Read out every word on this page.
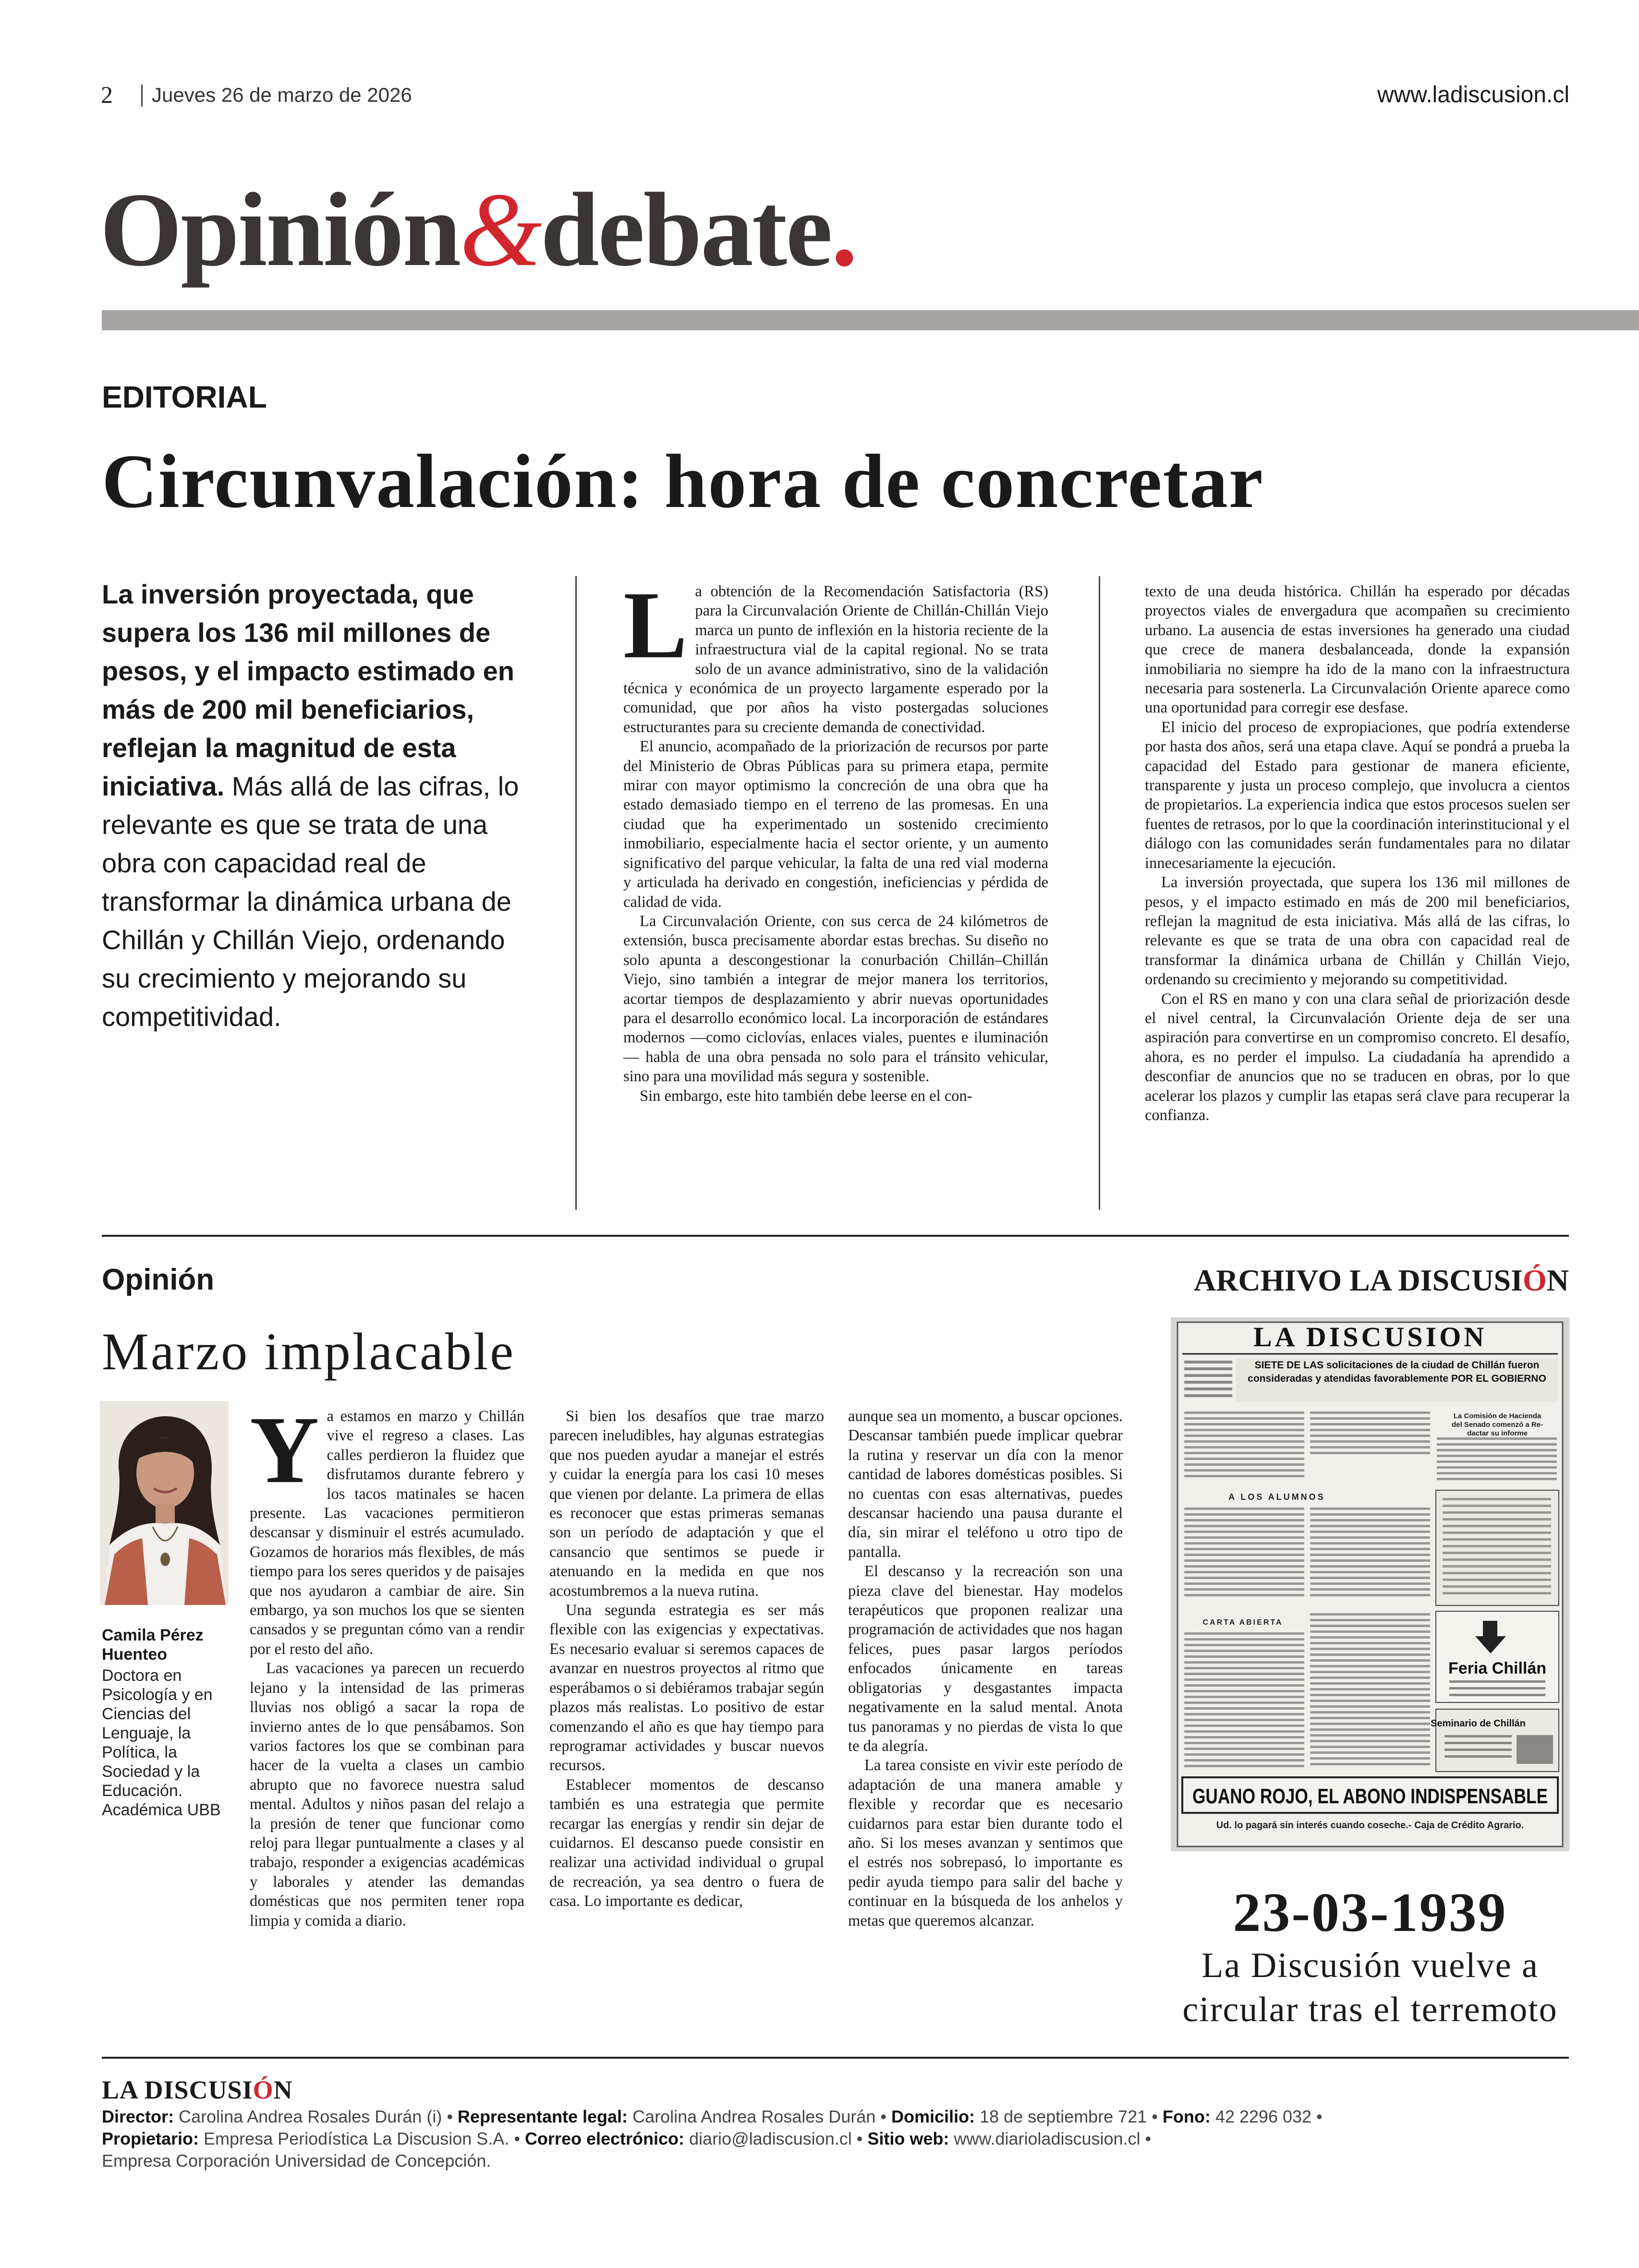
2 Jueves 26 de marzo de 2026	www.ladiscusion.cl
Opinión&debate.
EDITORIAL
Circunvalación: hora de concretar
La inversión proyectada, que supera los 136 mil millones de pesos, y el impacto estimado en más de 200 mil beneficiarios, reflejan la magnitud de esta iniciativa. Más allá de las cifras, lo relevante es que se trata de una obra con capacidad real de transformar la dinámica urbana de Chillán y Chillán Viejo, ordenando su crecimiento y mejorando su competitividad.

La obtención de la Recomendación Satisfactoria (RS) para la Circunvalación Oriente de Chillán-Chillán Viejo marca un punto de inflexión en la historia reciente de la infraestructura vial de la capital regional. No se trata solo de un avance administrativo, sino de la validación técnica y económica de un proyecto largamente esperado por la comunidad, que por años ha visto postergadas soluciones estructurantes para su creciente demanda de conectividad.

El anuncio, acompañado de la priorización de recursos por parte del Ministerio de Obras Públicas para su primera etapa, permite mirar con mayor optimismo la concreción de una obra que ha estado demasiado tiempo en el terreno de las promesas. En una ciudad que ha experimentado un sostenido crecimiento inmobiliario, especialmente hacia el sector oriente, y un aumento significativo del parque vehicular, la falta de una red vial moderna y articulada ha derivado en congestión, ineficiencias y pérdida de calidad de vida.

La Circunvalación Oriente, con sus cerca de 24 kilómetros de extensión, busca precisamente abordar estas brechas. Su diseño no solo apunta a descongestionar la conurbación Chillán–Chillán Viejo, sino también a integrar de mejor manera los territorios, acortar tiempos de desplazamiento y abrir nuevas oportunidades para el desarrollo económico local. La incorporación de estándares modernos —como ciclovías, enlaces viales, puentes e iluminación— habla de una obra pensada no solo para el tránsito vehicular, sino para una movilidad más segura y sostenible.

Sin embargo, este hito también debe leerse en el con-

texto de una deuda histórica. Chillán ha esperado por décadas proyectos viales de envergadura que acompañen su crecimiento urbano. La ausencia de estas inversiones ha generado una ciudad que crece de manera desbalanceada, donde la expansión inmobiliaria no siempre ha ido de la mano con la infraestructura necesaria para sostenerla. La Circunvalación Oriente aparece como una oportunidad para corregir ese desfase.

El inicio del proceso de expropiaciones, que podría extenderse por hasta dos años, será una etapa clave. Aquí se pondrá a prueba la capacidad del Estado para gestionar de manera eficiente, transparente y justa un proceso complejo, que involucra a cientos de propietarios. La experiencia indica que estos procesos suelen ser fuentes de retrasos, por lo que la coordinación interinstitucional y el diálogo con las comunidades serán fundamentales para no dilatar innecesariamente la ejecución.

La inversión proyectada, que supera los 136 mil millones de pesos, y el impacto estimado en más de 200 mil beneficiarios, reflejan la magnitud de esta iniciativa. Más allá de las cifras, lo relevante es que se trata de una obra con capacidad real de transformar la dinámica urbana de Chillán y Chillán Viejo, ordenando su crecimiento y mejorando su competitividad.

Con el RS en mano y con una clara señal de priorización desde el nivel central, la Circunvalación Oriente deja de ser una aspiración para convertirse en un compromiso concreto. El desafío, ahora, es no perder el impulso. La ciudadanía ha aprendido a desconfiar de anuncios que no se traducen en obras, por lo que acelerar los plazos y cumplir las etapas será clave para recuperar la confianza.

Opinión
Marzo implacable
Camila Pérez Huenteo
Doctora en Psicología y en Ciencias del Lenguaje, la Política, la Sociedad y la Educación. Académica UBB

Ya estamos en marzo y Chillán vive el regreso a clases. Las calles perdieron la fluidez que disfrutamos durante febrero y los tacos matinales se hacen presente. Las vacaciones permitieron descansar y disminuir el estrés acumulado. Gozamos de horarios más flexibles, de más tiempo para los seres queridos y de paisajes que nos ayudaron a cambiar de aire. Sin embargo, ya son muchos los que se sienten cansados y se preguntan cómo van a rendir por el resto del año.

Las vacaciones ya parecen un recuerdo lejano y la intensidad de las primeras lluvias nos obligó a sacar la ropa de invierno antes de lo que pensábamos. Son varios factores los que se combinan para hacer de la vuelta a clases un cambio abrupto que no favorece nuestra salud mental. Adultos y niños pasan del relajo a la presión de tener que funcionar como reloj para llegar puntualmente a clases y al trabajo, responder a exigencias académicas y laborales y atender las demandas domésticas que nos permiten tener ropa limpia y comida a diario.

Si bien los desafíos que trae marzo parecen ineludibles, hay algunas estrategias que nos pueden ayudar a manejar el estrés y cuidar la energía para los casi 10 meses que vienen por delante. La primera de ellas es reconocer que estas primeras semanas son un período de adaptación y que el cansancio que sentimos se puede ir atenuando en la medida en que nos acostumbremos a la nueva rutina.

Una segunda estrategia es ser más flexible con las exigencias y expectativas. Es necesario evaluar si seremos capaces de avanzar en nuestros proyectos al ritmo que esperábamos o si debiéramos trabajar según plazos más realistas. Lo positivo de estar comenzando el año es que hay tiempo para reprogramar actividades y buscar nuevos recursos.

Establecer momentos de descanso también es una estrategia que permite recargar las energías y rendir sin dejar de cuidarnos. El descanso puede consistir en realizar una actividad individual o grupal de recreación, ya sea dentro o fuera de casa. Lo importante es dedicar,

aunque sea un momento, a buscar opciones. Descansar también puede implicar quebrar la rutina y reservar un día con la menor cantidad de labores domésticas posibles. Si no cuentas con esas alternativas, puedes descansar haciendo una pausa durante el día, sin mirar el teléfono u otro tipo de pantalla.

El descanso y la recreación son una pieza clave del bienestar. Hay modelos terapéuticos que proponen realizar una programación de actividades que nos hagan felices, pues pasar largos períodos enfocados únicamente en tareas obligatorias y desgastantes impacta negativamente en la salud mental. Anota tus panoramas y no pierdas de vista lo que te da alegría.

La tarea consiste en vivir este período de adaptación de una manera amable y flexible y recordar que es necesario cuidarnos para estar bien durante todo el año. Si los meses avanzan y sentimos que el estrés nos sobrepasó, lo importante es pedir ayuda tiempo para salir del bache y continuar en la búsqueda de los anhelos y metas que queremos alcanzar.

ARCHIVO LA DISCUSIÓN
LA DISCUSION
SIETE DE LAS solicitaciones de la ciudad de Chillán fueron consideradas y atendidas favorablemente POR EL GOBIERNO
La Comisión de Hacienda del Senado comenzó a Re-dactar su informe
A LOS ALUMNOS
Feria Chillán
CARTA ABIERTA
Seminario de Chillán
GUANO ROJO, EL ABONO INDISPENSABLE
Ud. lo pagará sin interés cuando coseche.- Caja de Crédito Agrario.
23-03-1939
La Discusión vuelve a circular tras el terremoto
LA DISCUSIÓN
Director: Carolina Andrea Rosales Durán (i) • Representante legal: Carolina Andrea Rosales Durán • Domicilio: 18 de septiembre 721 • Fono: 42 2296 032 •
Propietario: Empresa Periodística La Discusion S.A. • Correo electrónico: diario@ladiscusion.cl • Sitio web: www.diarioladiscusion.cl •
Empresa Corporación Universidad de Concepción.
